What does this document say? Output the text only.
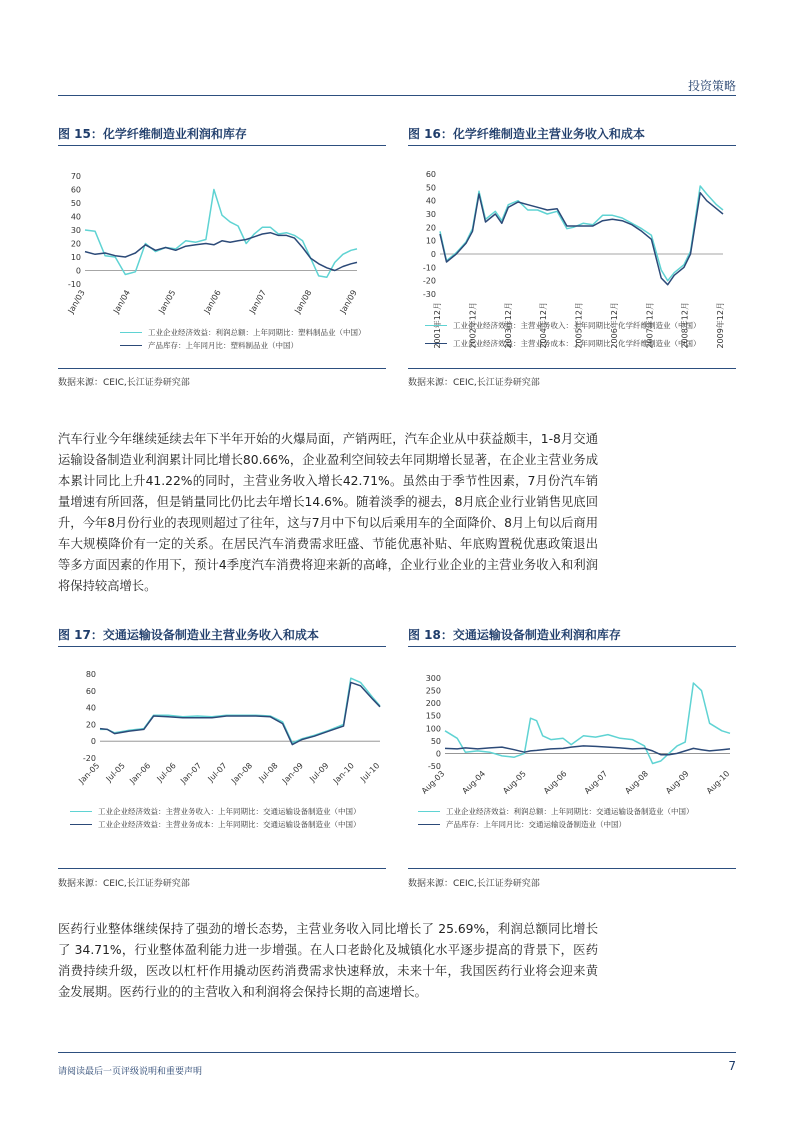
投资策略
图 15：化学纤维制造业利润和库存
-10
0
10
20
30
40
50
60
70
Jan/03	Jan/04	Jan/05	Jan/06	Jan/07	Jan/08	Jan/09
工业企业经济效益：利润总额：上年同期比：塑料制品业（中国）
产品库存：上年同月比：塑料制品业（中国）
数据来源：CEIC,长江证券研究部
图 16：化学纤维制造业主营业务收入和成本
-30
-20
-10
0
10
20
30
40
50
60
2001年12月	2002年12月	2003年12月	2004年12月	2005年12月	2006年12月	2007年12月	2008年12月	2009年12月
工业企业经济效益：主营业务收入：上年同期比：化学纤维制造业（中国）
工业企业经济效益：主营业务成本：上年同期比：化学纤维制造业（中国）
数据来源：CEIC,长江证券研究部
汽车行业今年继续延续去年下半年开始的火爆局面，产销两旺，汽车企业从中获益颇丰，1-8月交通运输设备制造业利润累计同比增长80.66%，企业盈利空间较去年同期增长显著，在企业主营业务成本累计同比上升41.22%的同时，主营业务收入增长42.71%。虽然由于季节性因素，7月份汽车销量增速有所回落，但是销量同比仍比去年增长14.6%。随着淡季的褪去，8月底企业行业销售见底回升，今年8月份行业的表现则超过了往年，这与7月中下旬以后乘用车的全面降价、8月上旬以后商用车大规模降价有一定的关系。在居民汽车消费需求旺盛、节能优惠补贴、年底购置税优惠政策退出等多方面因素的作用下，预计4季度汽车消费将迎来新的高峰，企业行业企业的主营业务收入和利润将保持较高增长。
图 17：交通运输设备制造业主营业务收入和成本
-20
0
20
40
60
80
Jan-05 Jul-05 Jan-06 Jul-06 Jan-07 Jul-07 Jan-08 Jul-08 Jan-09 Jul-09 Jan-10 Jul-10
工业企业经济效益：主营业务收入：上年同期比：交通运输设备制造业（中国）
工业企业经济效益：主营业务成本：上年同期比：交通运输设备制造业（中国）
数据来源：CEIC,长江证券研究部
图 18：交通运输设备制造业利润和库存
-50
0
50
100
150
200
250
300
Aug-03 Aug-04 Aug-05 Aug-06 Aug-07 Aug-08 Aug-09 Aug-10
工业企业经济效益：利润总额：上年同期比：交通运输设备制造业（中国）
产品库存：上年同月比：交通运输设备制造业（中国）
数据来源：CEIC,长江证券研究部
医药行业整体继续保持了强劲的增长态势，主营业务收入同比增长了 25.69%，利润总额同比增长了 34.71%，行业整体盈利能力进一步增强。在人口老龄化及城镇化水平逐步提高的背景下，医药消费持续升级，医改以杠杆作用撬动医药消费需求快速释放，未来十年，我国医药行业将会迎来黄金发展期。医药行业的的主营收入和利润将会保持长期的高速增长。
请阅读最后一页评级说明和重要声明	7
